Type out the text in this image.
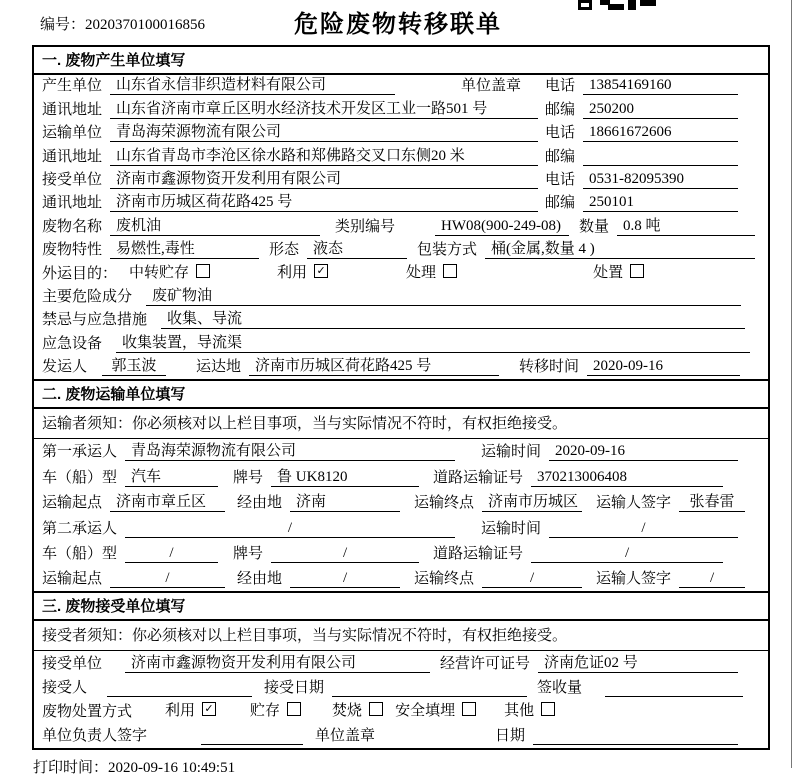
编号：2020370100016856	危险废物转移联单
一. 废物产生单位填写
产生单位 山东省永信非织造材料有限公司	单位盖章 电话 13854169160
通讯地址 山东省济南市章丘区明水经济技术开发区工业一路501 号	邮编 250200
运输单位 青岛海荣源物流有限公司	电话 18661672606
通讯地址 山东省青岛市李沧区徐水路和郑佛路交叉口东侧20 米	邮编
接受单位 济南市鑫源物资开发利用有限公司	电话 0531-82095390
通讯地址 济南市历城区荷花路425 号	邮编 250101
废物名称 废机油	类别编号	HW08(900-249-08)	数量 0.8 吨
废物特性 易燃性,毒性	形态 液态	包装方式 桶(金属,数量 4 )
外运目的： 中转贮存	利用 ✓	处理	处置
主要危险成分	废矿物油
禁忌与应急措施	收集、导流
应急设备	收集装置，导流渠
发运人	郭玉波	运达地 济南市历城区荷花路425 号	转移时间 2020-09-16
二. 废物运输单位填写
运输者须知：你必须核对以上栏目事项，当与实际情况不符时，有权拒绝接受。
第一承运人 青岛海荣源物流有限公司	运输时间 2020-09-16
车（船）型 汽车	牌号 鲁 UK8120	道路运输证号 370213006408
运输起点 济南市章丘区	经由地 济南	运输终点 济南市历城区 运输人签字	张春雷
第二承运人	/	运输时间	/
车（船）型	/	牌号	/	道路运输证号	/
运输起点	/	经由地	/	运输终点	/	运输人签字	/
三. 废物接受单位填写
接受者须知：你必须核对以上栏目事项，当与实际情况不符时，有权拒绝接受。
接受单位	济南市鑫源物资开发利用有限公司	经营许可证号 济南危证02 号
接受人	接受日期	签收量
废物处置方式 利用 ✓ 贮存	焚烧 安全填埋	其他
单位负责人签字	单位盖章	日期
打印时间：2020-09-16 10:49:51
